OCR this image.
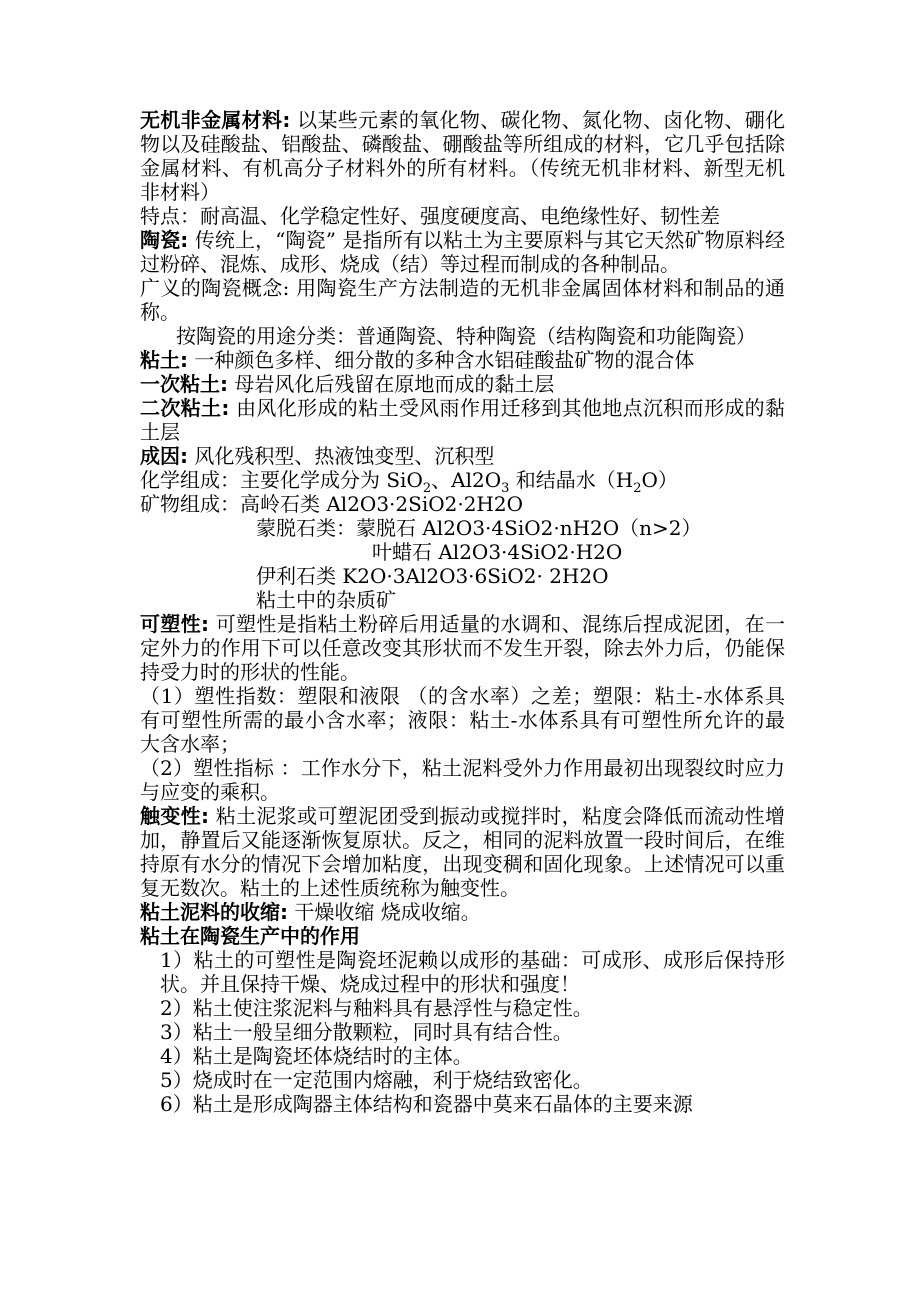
无机非金属材料: 以某些元素的氧化物、碳化物、氮化物、卤化物、硼化物以及硅酸盐、铝酸盐、磷酸盐、硼酸盐等所组成的材料，它几乎包括除金属材料、有机高分子材料外的所有材料。（传统无机非材料、新型无机非材料）

特点：耐高温、化学稳定性好、强度硬度高、电绝缘性好、韧性差

陶瓷: 传统上，“陶瓷” 是指所有以粘土为主要原料与其它天然矿物原料经过粉碎、混炼、成形、烧成（结）等过程而制成的各种制品。

广义的陶瓷概念: 用陶瓷生产方法制造的无机非金属固体材料和制品的通称。

按陶瓷的用途分类：普通陶瓷、特种陶瓷（结构陶瓷和功能陶瓷）

粘土: 一种颜色多样、细分散的多种含水铝硅酸盐矿物的混合体

一次粘土: 母岩风化后残留在原地而成的黏土层

二次粘土: 由风化形成的粘土受风雨作用迁移到其他地点沉积而形成的黏土层

成因: 风化残积型、热液蚀变型、沉积型

化学组成：主要化学成分为 SiO$_2$、$Al2O_3$ 和结晶水$(H_2O)$

矿物组成：高岭石类 Al2O3·2SiO2·2H2O

蒙脱石类：蒙脱石 Al2O3·4SiO2·nH2O（n>2）

叶蜡石 Al2O3·4SiO2·H2O

伊利石类 K2O·3Al2O3·6SiO2· 2H2O

粘土中的杂质矿

可塑性: 可塑性是指粘土粉碎后用适量的水调和、混练后捏成泥团，在一定外力的作用下可以任意改变其形状而不发生开裂，除去外力后，仍能保持受力时的形状的性能。

（1）塑性指数：塑限和液限 （的含水率）之差；塑限：粘土-水体系具有可塑性所需的最小含水率；液限：粘土-水体系具有可塑性所允许的最大含水率；

（2）塑性指标 ：工作水分下，粘土泥料受外力作用最初出现裂纹时应力与应变的乘积。

触变性: 粘土泥浆或可塑泥团受到振动或搅拌时，粘度会降低而流动性增加，静置后又能逐渐恢复原状。反之，相同的泥料放置一段时间后，在维持原有水分的情况下会增加粘度，出现变稠和固化现象。上述情况可以重复无数次。粘土的上述性质统称为触变性。

粘土泥料的收缩: 干燥收缩 烧成收缩。

粘土在陶瓷生产中的作用

1）粘土的可塑性是陶瓷坯泥赖以成形的基础：可成形、成形后保持形状。并且保持干燥、烧成过程中的形状和强度！

2）粘土使注浆泥料与釉料具有悬浮性与稳定性。

3）粘土一般呈细分散颗粒，同时具有结合性。

4）粘土是陶瓷坯体烧结时的主体。

5）烧成时在一定范围内熔融，利于烧结致密化。

6）粘土是形成陶器主体结构和瓷器中莫来石晶体的主要来源
